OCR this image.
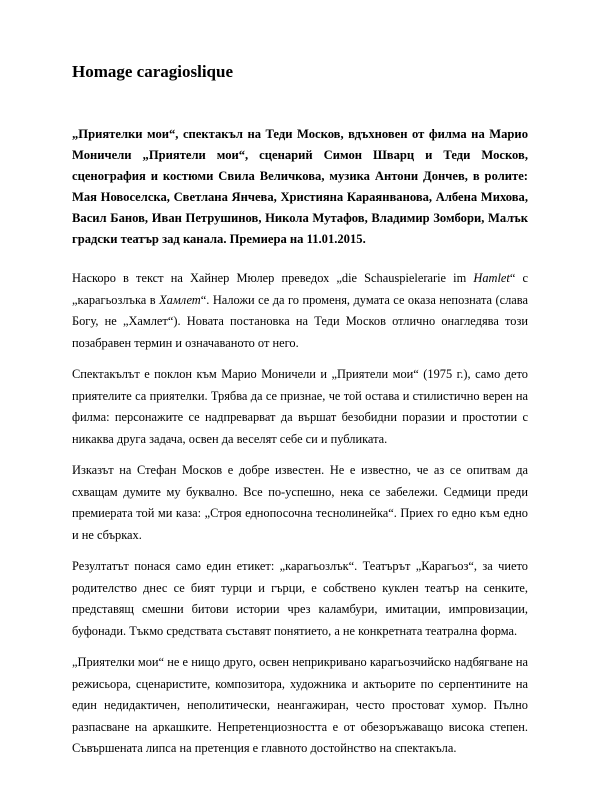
Homage caragioslique

„Приятелки мои“, спектакъл на Теди Москов, вдъхновен от филма на Марио Моничели „Приятели мои“, сценарий Симон Шварц и Теди Москов, сценография и костюми Свила Величкова, музика Антони Дончев, в ролите: Мая Новоселска, Светлана Янчева, Християна Караянванова, Албена Михова, Васил Банов, Иван Петрушинов, Никола Мутафов, Владимир Зомбори, Малък градски театър зад канала. Премиера на 11.01.2015.

Наскоро в текст на Хайнер Мюлер преведох „die Schauspielerarie im Hamlet“ с „карагьозлъка в Хамлет“. Наложи се да го променя, думата се оказа непозната (слава Богу, не „Хамлет“). Новата постановка на Теди Москов отлично онагледява този позабравен термин и означаваното от него.

Спектакълът е поклон към Марио Моничели и „Приятели мои“ (1975 г.), само дето приятелите са приятелки. Трябва да се признае, че той остава и стилистично верен на филма: персонажите се надпреварват да вършат безобидни поразии и простотии с никаква друга задача, освен да веселят себе си и публиката.

Изказът на Стефан Москов е добре известен. Не е известно, че аз се опитвам да схващам думите му буквално. Все по-успешно, нека се забележи. Седмици преди премиерата той ми каза: „Строя еднопосочна теснолинейка“. Приех го едно към едно и не сбърках.

Резултатът понася само един етикет: „карагьозлък“. Театърът „Карагьоз“, за чието родителство днес се бият турци и гърци, е собствено куклен театър на сенките, представящ смешни битови истории чрез каламбури, имитации, импровизации, буфонади. Тъкмо средствата съставят понятието, а не конкретната театрална форма.

„Приятелки мои“ не е нищо друго, освен неприкривано карагьозчийско надбягване на режисьора, сценаристите, композитора, художника и актьорите по серпентините на един недидактичен, неполитически, неангажиран, често простоват хумор. Пълно разпасване на аркашките. Непретенциозността е от обезоръжаващо висока степен. Съвършената липса на претенция е главното достойнство на спектакъла.
